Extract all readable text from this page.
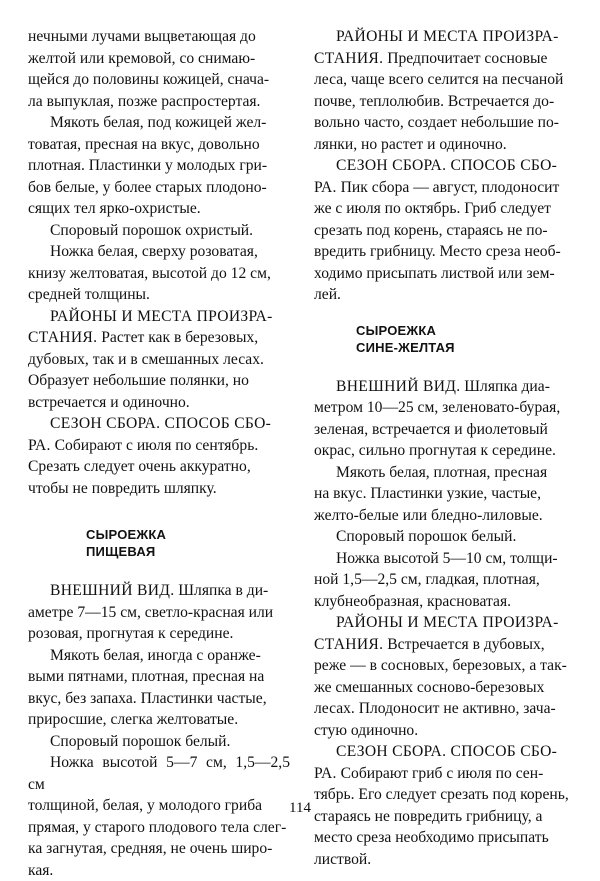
нечными лучами выцветающая до
желтой или кремовой, со снимаю-
щейся до половины кожицей, снача-
ла выпуклая, позже распростертая.

Мякоть белая, под кожицей жел-
товатая, пресная на вкус, довольно
плотная. Пластинки у молодых гри-
бов белые, у более старых плодоно-
сящих тел ярко-охристые.

Споровый порошок охристый.

Ножка белая, сверху розоватая,
книзу желтоватая, высотой до 12 см,
средней толщины.

РАЙОНЫ И МЕСТА ПРОИЗРА-
СТАНИЯ. Растет как в березовых,
дубовых, так и в смешанных лесах.
Образует небольшие полянки, но
встречается и одиночно.

СЕЗОН СБОРА. СПОСОБ СБО-
РА. Собирают с июля по сентябрь.
Срезать следует очень аккуратно,
чтобы не повредить шляпку.

СЫРОЕЖКА
ПИЩЕВАЯ

ВНЕШНИЙ ВИД. Шляпка в ди-
аметре 7—15 см, светло-красная или
розовая, прогнутая к середине.

Мякоть белая, иногда с оранже-
выми пятнами, плотная, пресная на
вкус, без запаха. Пластинки частые,
приросшие, слегка желтоватые.

Споровый порошок белый.

Ножка высотой 5—7 см, 1,5—2,5 см
толщиной, белая, у молодого гриба
прямая, у старого плодового тела слег-
ка загнутая, средняя, не очень широ-
кая.

РАЙОНЫ И МЕСТА ПРОИЗРА-
СТАНИЯ. Предпочитает сосновые
леса, чаще всего селится на песчаной
почве, теплолюбив. Встречается до-
вольно часто, создает небольшие по-
лянки, но растет и одиночно.

СЕЗОН СБОРА. СПОСОБ СБО-
РА. Пик сбора — август, плодоносит
же с июля по октябрь. Гриб следует
срезать под корень, стараясь не по-
вредить грибницу. Место среза необ-
ходимо присыпать листвой или зем-
лей.

СЫРОЕЖКА
СИНЕ-ЖЕЛТАЯ

ВНЕШНИЙ ВИД. Шляпка диа-
метром 10—25 см, зеленовато-бурая,
зеленая, встречается и фиолетовый
окрас, сильно прогнутая к середине.

Мякоть белая, плотная, пресная
на вкус. Пластинки узкие, частые,
желто-белые или бледно-лиловые.

Споровый порошок белый.

Ножка высотой 5—10 см, толщи-
ной 1,5—2,5 см, гладкая, плотная,
клубнеобразная, красноватая.

РАЙОНЫ И МЕСТА ПРОИЗРА-
СТАНИЯ. Встречается в дубовых,
реже — в сосновых, березовых, а так-
же смешанных сосново-березовых
лесах. Плодоносит не активно, зача-
стую одиночно.

СЕЗОН СБОРА. СПОСОБ СБО-
РА. Собирают гриб с июля по сен-
тябрь. Его следует срезать под корень,
стараясь не повредить грибницу, а
место среза необходимо присыпать
листвой.

114
